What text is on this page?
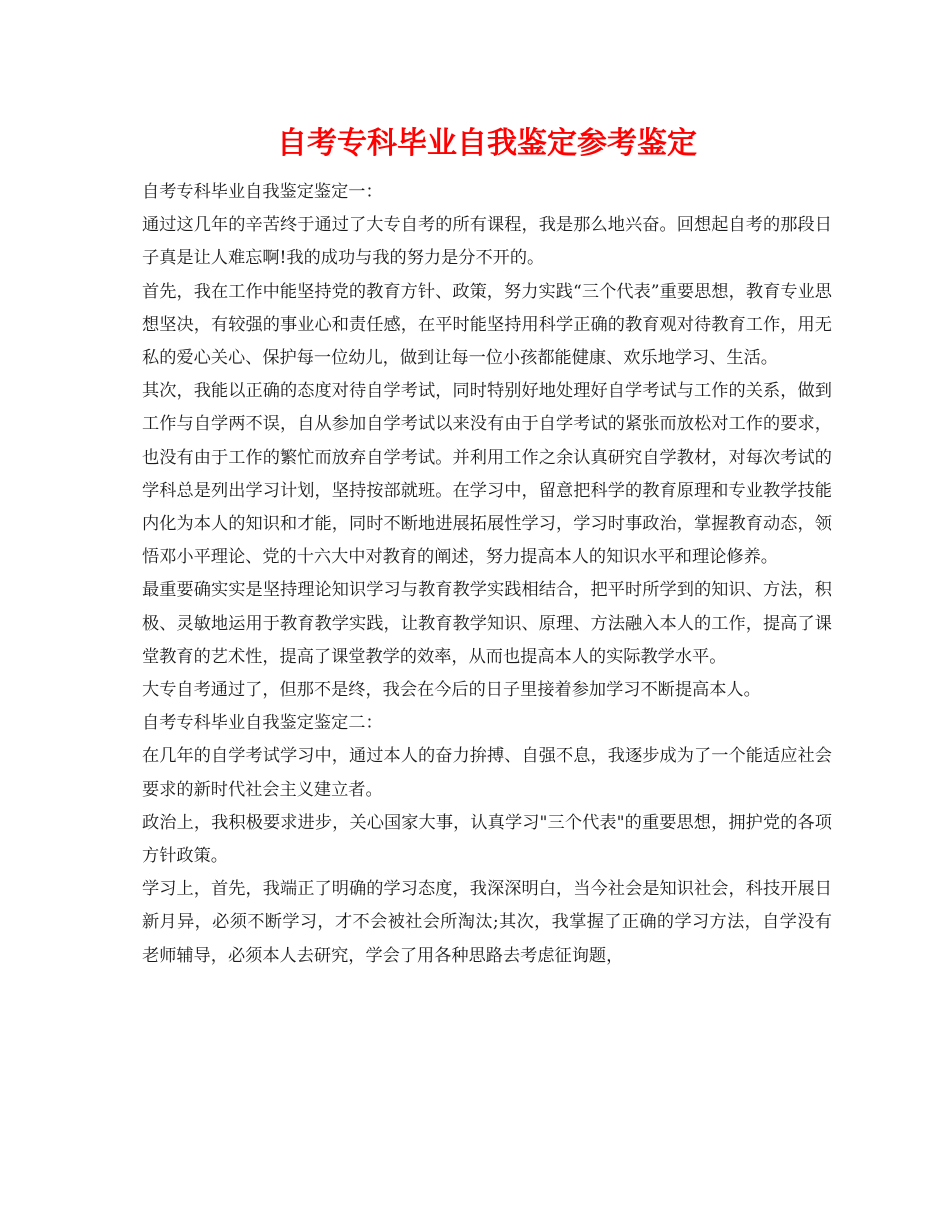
自考专科毕业自我鉴定参考鉴定

自考专科毕业自我鉴定鉴定一：

通过这几年的辛苦终于通过了大专自考的所有课程，我是那么地兴奋。回想起自考的那段日子真是让人难忘啊!我的成功与我的努力是分不开的。

首先，我在工作中能坚持党的教育方针、政策，努力实践“三个代表”重要思想，教育专业思想坚决，有较强的事业心和责任感，在平时能坚持用科学正确的教育观对待教育工作，用无私的爱心关心、保护每一位幼儿，做到让每一位小孩都能健康、欢乐地学习、生活。

其次，我能以正确的态度对待自学考试，同时特别好地处理好自学考试与工作的关系，做到工作与自学两不误，自从参加自学考试以来没有由于自学考试的紧张而放松对工作的要求，也没有由于工作的繁忙而放弃自学考试。并利用工作之余认真研究自学教材，对每次考试的学科总是列出学习计划，坚持按部就班。在学习中，留意把科学的教育原理和专业教学技能内化为本人的知识和才能，同时不断地进展拓展性学习，学习时事政治，掌握教育动态，领悟邓小平理论、党的十六大中对教育的阐述，努力提高本人的知识水平和理论修养。

最重要确实实是坚持理论知识学习与教育教学实践相结合，把平时所学到的知识、方法，积极、灵敏地运用于教育教学实践，让教育教学知识、原理、方法融入本人的工作，提高了课堂教育的艺术性，提高了课堂教学的效率，从而也提高本人的实际教学水平。

大专自考通过了，但那不是终，我会在今后的日子里接着参加学习不断提高本人。

自考专科毕业自我鉴定鉴定二：

在几年的自学考试学习中，通过本人的奋力拚搏、自强不息，我逐步成为了一个能适应社会要求的新时代社会主义建立者。

政治上，我积极要求进步，关心国家大事，认真学习"三个代表"的重要思想，拥护党的各项方针政策。

学习上，首先，我端正了明确的学习态度，我深深明白，当今社会是知识社会，科技开展日新月异，必须不断学习，才不会被社会所淘汰;其次，我掌握了正确的学习方法，自学没有老师辅导，必须本人去研究，学会了用各种思路去考虑征询题，
